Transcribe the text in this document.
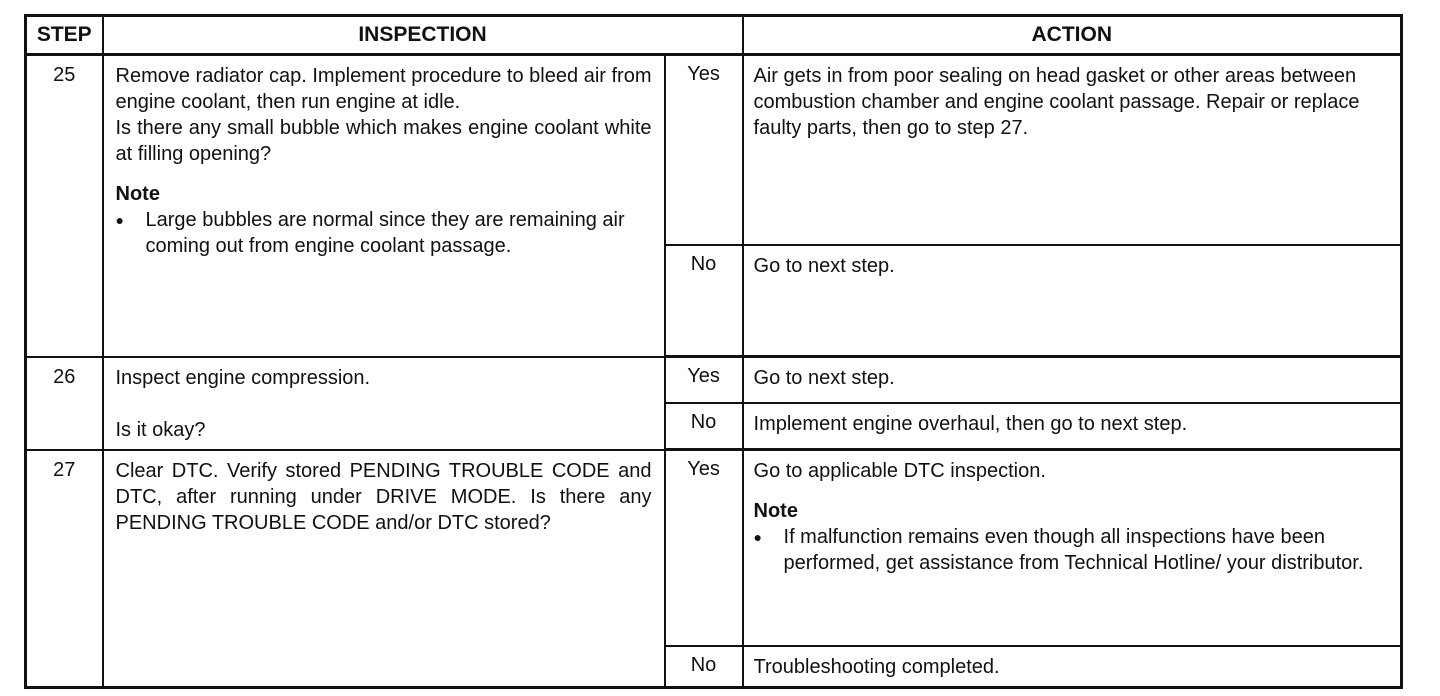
STEP	INSPECTION		ACTION
25	Remove radiator cap. Implement procedure to bleed air from engine coolant, then run engine at idle.
Is there any small bubble which makes engine coolant white at filling opening?
Note
● Large bubbles are normal since they are remaining air coming out from engine coolant passage.	Yes	Air gets in from poor sealing on head gasket or other areas between combustion chamber and engine coolant passage. Repair or replace faulty parts, then go to step 27.
		No	Go to next step.
26	Inspect engine compression.
Is it okay?	Yes	Go to next step.
		No	Implement engine overhaul, then go to next step.
27	Clear DTC. Verify stored PENDING TROUBLE CODE and DTC, after running under DRIVE MODE. Is there any PENDING TROUBLE CODE and/or DTC stored?	Yes	Go to applicable DTC inspection.
Note
● If malfunction remains even though all inspections have been performed, get assistance from Technical Hotline/ your distributor.

		No	Troubleshooting completed.
